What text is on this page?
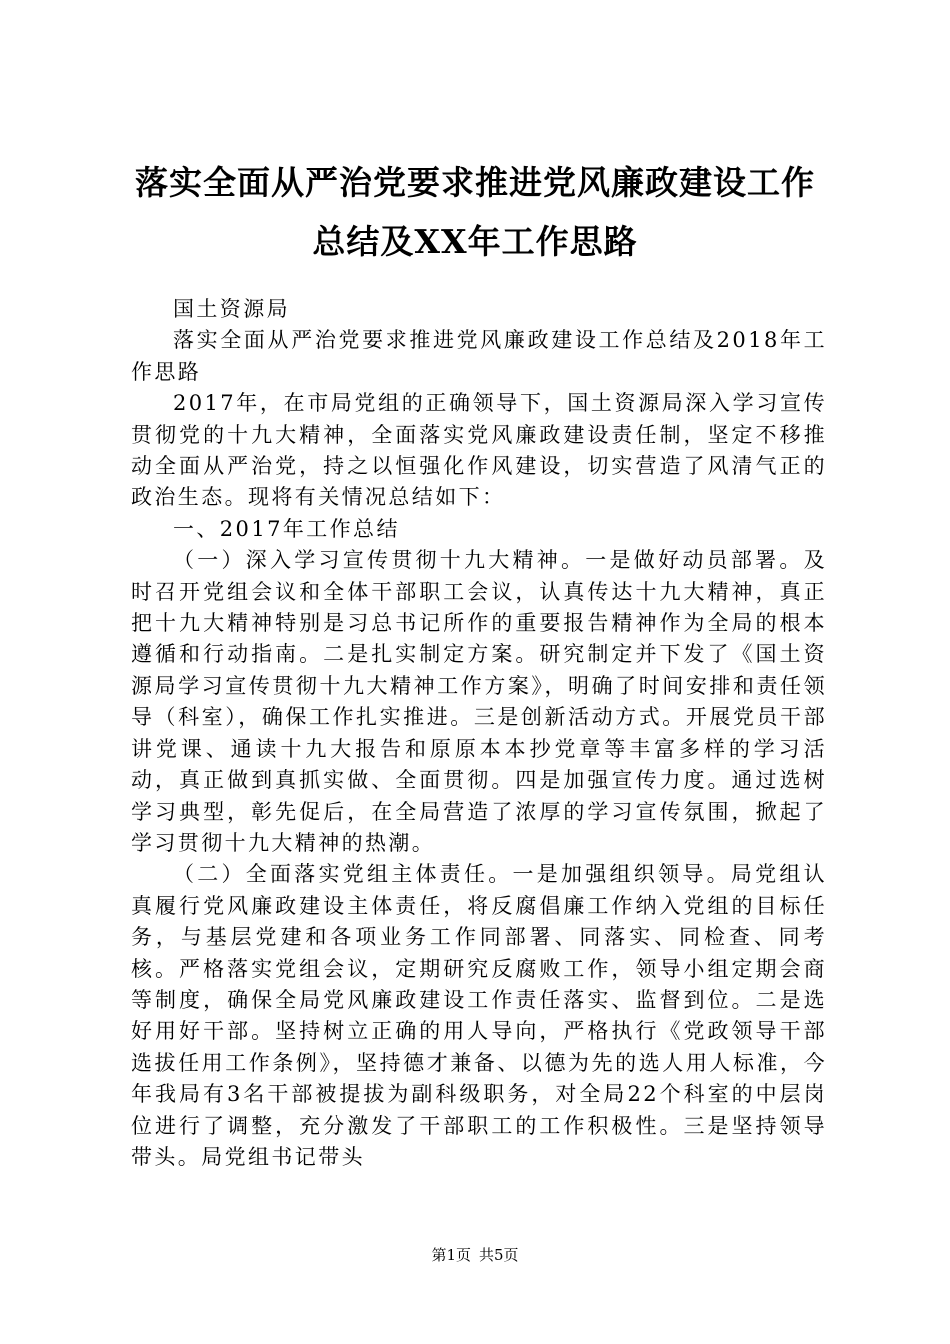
落实全面从严治党要求推进党风廉政建设工作
总结及XX年工作思路

国土资源局

落实全面从严治党要求推进党风廉政建设工作总结及2018年工作思路

2017年，在市局党组的正确领导下，国土资源局深入学习宣传贯彻党的十九大精神，全面落实党风廉政建设责任制，坚定不移推动全面从严治党，持之以恒强化作风建设，切实营造了风清气正的政治生态。现将有关情况总结如下：

一、2017年工作总结

（一）深入学习宣传贯彻十九大精神。一是做好动员部署。及时召开党组会议和全体干部职工会议，认真传达十九大精神，真正把十九大精神特别是习总书记所作的重要报告精神作为全局的根本遵循和行动指南。二是扎实制定方案。研究制定并下发了《国土资源局学习宣传贯彻十九大精神工作方案》，明确了时间安排和责任领导（科室），确保工作扎实推进。三是创新活动方式。开展党员干部讲党课、通读十九大报告和原原本本抄党章等丰富多样的学习活动，真正做到真抓实做、全面贯彻。四是加强宣传力度。通过选树学习典型，彰先促后，在全局营造了浓厚的学习宣传氛围，掀起了学习贯彻十九大精神的热潮。

（二）全面落实党组主体责任。一是加强组织领导。局党组认真履行党风廉政建设主体责任，将反腐倡廉工作纳入党组的目标任务，与基层党建和各项业务工作同部署、同落实、同检查、同考核。严格落实党组会议，定期研究反腐败工作，领导小组定期会商等制度，确保全局党风廉政建设工作责任落实、监督到位。二是选好用好干部。坚持树立正确的用人导向，严格执行《党政领导干部选拔任用工作条例》，坚持德才兼备、以德为先的选人用人标准，今年我局有3名干部被提拔为副科级职务，对全局22个科室的中层岗位进行了调整，充分激发了干部职工的工作积极性。三是坚持领导带头。局党组书记带头

第1页 共5页
